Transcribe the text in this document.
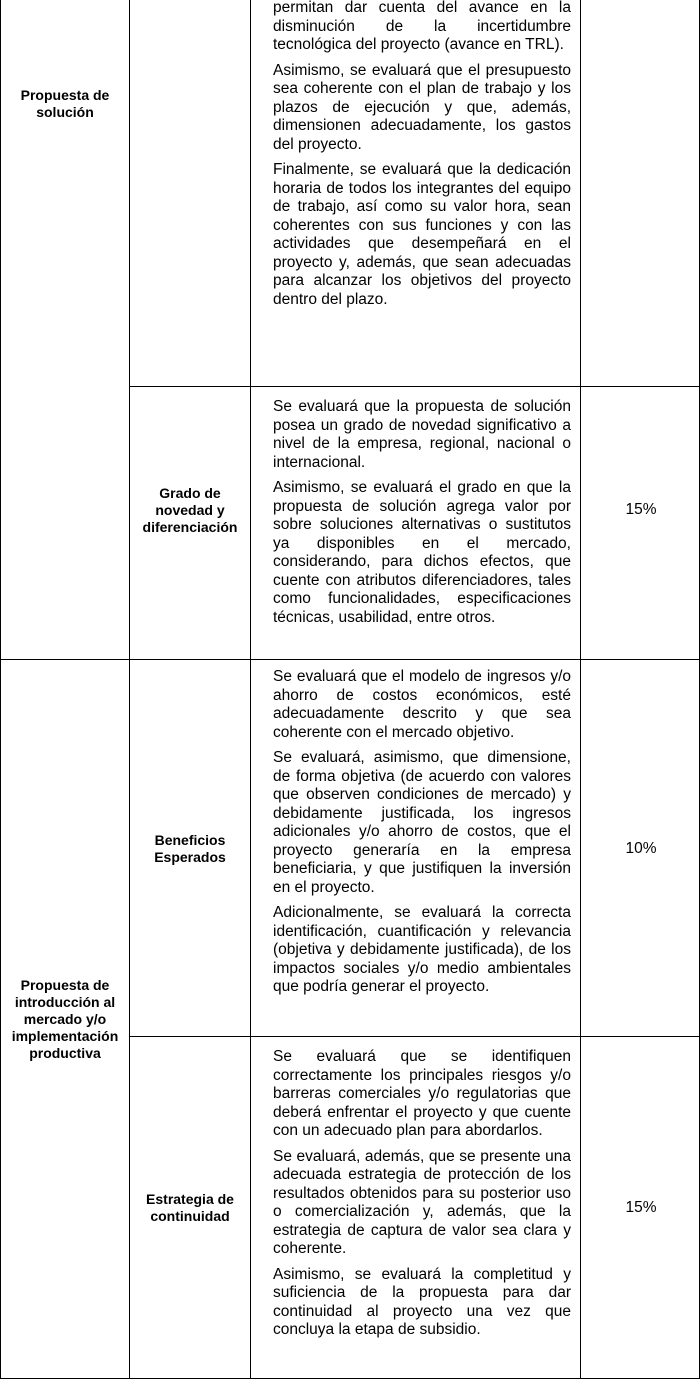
Propuesta de solución
Propuesta de introducción al mercado y/o implementación productiva
Grado de novedad y diferenciación
Beneficios Esperados
Estrategia de continuidad

permitan dar cuenta del avance en la disminución de la incertidumbre tecnológica del proyecto (avance en TRL).

Asimismo, se evaluará que el presupuesto sea coherente con el plan de trabajo y los plazos de ejecución y que, además, dimensionen adecuadamente, los gastos del proyecto.

Finalmente, se evaluará que la dedicación horaria de todos los integrantes del equipo de trabajo, así como su valor hora, sean coherentes con sus funciones y con las actividades que desempeñará en el proyecto y, además, que sean adecuadas para alcanzar los objetivos del proyecto dentro del plazo.

Se evaluará que la propuesta de solución posea un grado de novedad significativo a nivel de la empresa, regional, nacional o internacional.

Asimismo, se evaluará el grado en que la propuesta de solución agrega valor por sobre soluciones alternativas o sustitutos ya disponibles en el mercado, considerando, para dichos efectos, que cuente con atributos diferenciadores, tales como funcionalidades, especificaciones técnicas, usabilidad, entre otros.

Se evaluará que el modelo de ingresos y/o ahorro de costos económicos, esté adecuadamente descrito y que sea coherente con el mercado objetivo.

Se evaluará, asimismo, que dimensione, de forma objetiva (de acuerdo con valores que observen condiciones de mercado) y debidamente justificada, los ingresos adicionales y/o ahorro de costos, que el proyecto generaría en la empresa beneficiaria, y que justifiquen la inversión en el proyecto.

Adicionalmente, se evaluará la correcta identificación, cuantificación y relevancia (objetiva y debidamente justificada), de los impactos sociales y/o medio ambientales que podría generar el proyecto.

Se evaluará que se identifiquen correctamente los principales riesgos y/o barreras comerciales y/o regulatorias que deberá enfrentar el proyecto y que cuente con un adecuado plan para abordarlos.

Se evaluará, además, que se presente una adecuada estrategia de protección de los resultados obtenidos para su posterior uso o comercialización y, además, que la estrategia de captura de valor sea clara y coherente.

Asimismo, se evaluará la completitud y suficiencia de la propuesta para dar continuidad al proyecto una vez que concluya la etapa de subsidio.

15%
10%
15%
